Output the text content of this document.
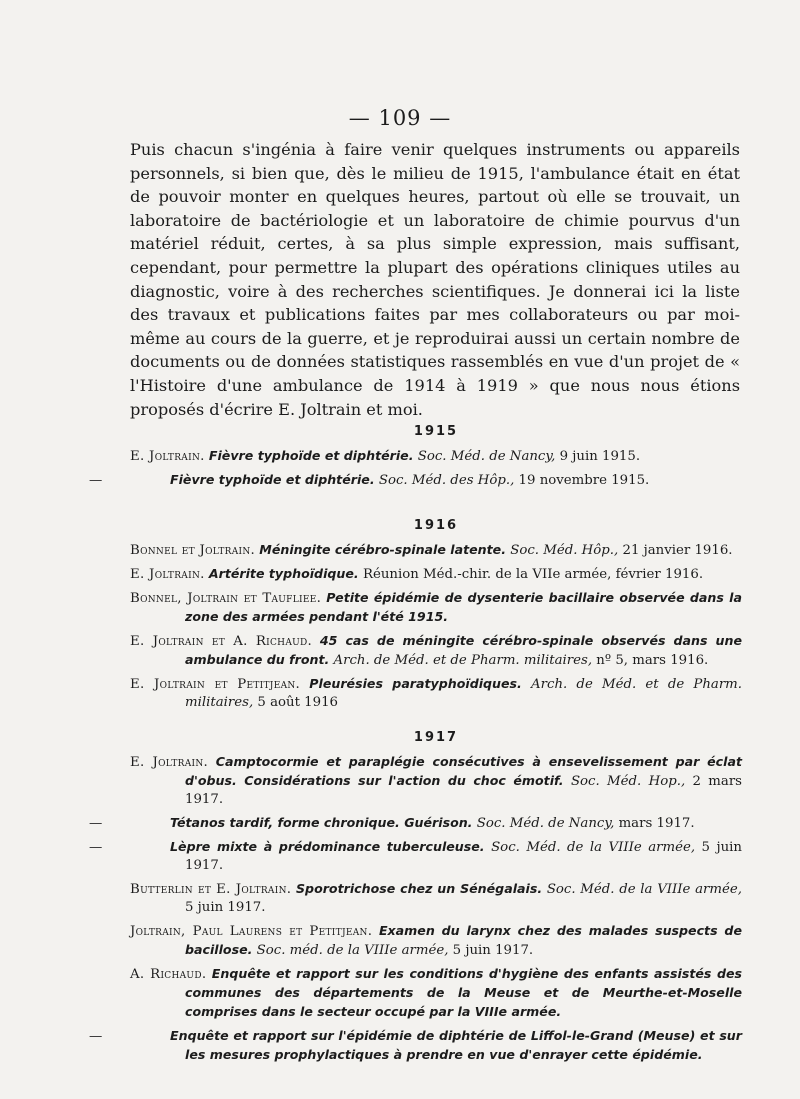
— 109 —

Puis chacun s'ingénia à faire venir quelques instruments ou appareils personnels, si bien que, dès le milieu de 1915, l'ambulance était en état de pouvoir monter en quelques heures, partout où elle se trouvait, un laboratoire de bactériologie et un laboratoire de chimie pourvus d'un matériel réduit, certes, à sa plus simple expression, mais suffisant, cependant, pour permettre la plupart des opérations cliniques utiles au diagnostic, voire à des recherches scientifiques. Je donnerai ici la liste des travaux et publications faites par mes collaborateurs ou par moi-même au cours de la guerre, et je reproduirai aussi un certain nombre de documents ou de données statistiques rassemblés en vue d'un projet de « l'Histoire d'une ambulance de 1914 à 1919 » que nous nous étions proposés d'écrire E. Joltrain et moi.

1915

E. Joltrain. Fièvre typhoïde et diphtérie. Soc. Méd. de Nancy, 9 juin 1915.

—	Fièvre typhoïde et diphtérie. Soc. Méd. des Hôp., 19 novembre 1915.

1916

Bonnel et Joltrain. Méningite cérébro-spinale latente. Soc. Méd. Hôp., 21 janvier 1916.

E. Joltrain. Artérite typhoïdique. Réunion Méd.-chir. de la VIIe armée, février 1916.

Bonnel, Joltrain et Taufliee. Petite épidémie de dysenterie bacillaire observée dans la zone des armées pendant l'été 1915.

E. Joltrain et A. Richaud. 45 cas de méningite cérébro-spinale observés dans une ambulance du front. Arch. de Méd. et de Pharm. militaires, nº 5, mars 1916.

E. Joltrain et Petitjean. Pleurésies paratyphoïdiques. Arch. de Méd. et de Pharm. militaires, 5 août 1916

1917

E. Joltrain. Camptocormie et paraplégie consécutives à ensevelissement par éclat d'obus. Considérations sur l'action du choc émotif. Soc. Méd. Hop., 2 mars 1917.

—	Tétanos tardif, forme chronique. Guérison. Soc. Méd. de Nancy, mars 1917.

—	Lèpre mixte à prédominance tuberculeuse. Soc. Méd. de la VIIIe armée, 5 juin 1917.

Butterlin et E. Joltrain. Sporotrichose chez un Sénégalais. Soc. Méd. de la VIIIe armée, 5 juin 1917.

Joltrain, Paul Laurens et Petitjean. Examen du larynx chez des malades suspects de bacillose. Soc. méd. de la VIIIe armée, 5 juin 1917.

A. Richaud. Enquête et rapport sur les conditions d'hygiène des enfants assistés des communes des départements de la Meuse et de Meurthe-et-Moselle comprises dans le secteur occupé par la VIIIe armée.

—	Enquête et rapport sur l'épidémie de diphtérie de Liffol-le-Grand (Meuse) et sur les mesures prophylactiques à prendre en vue d'enrayer cette épidémie.
